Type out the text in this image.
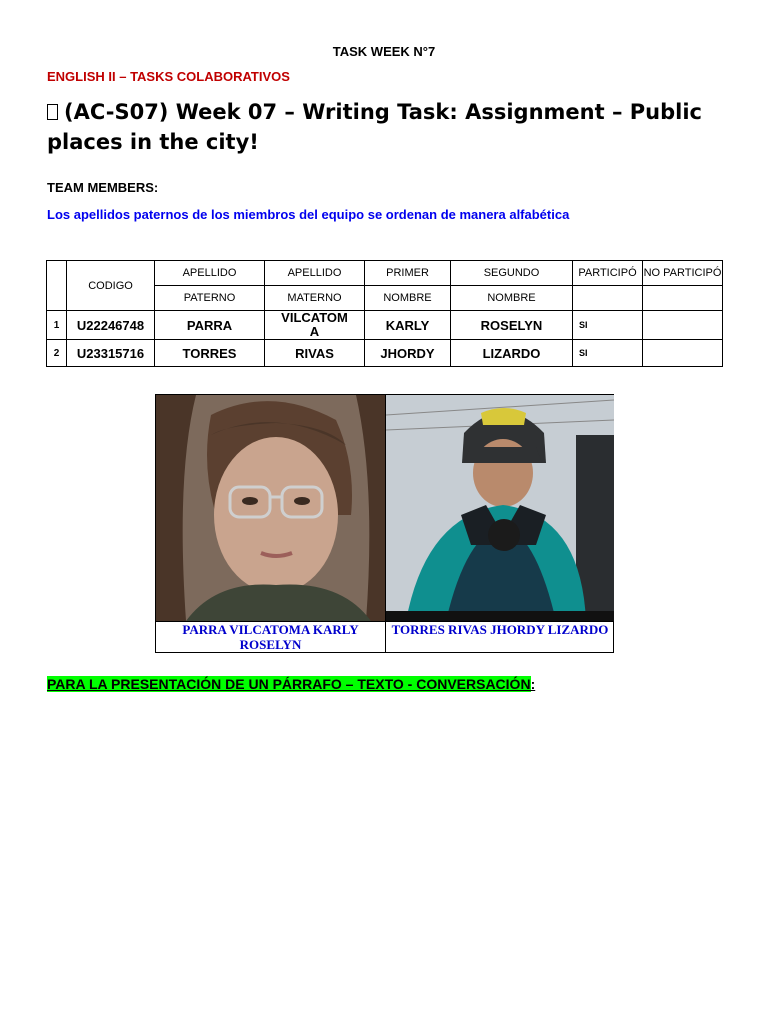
TASK WEEK N°7
ENGLISH II – TASKS COLABORATIVOS
(AC-S07) Week 07 – Writing Task: Assignment – Public places in the city!
TEAM MEMBERS:
Los apellidos paternos de los miembros del equipo se ordenan de manera alfabética
	CODIGO	APELLIDO	APELLIDO	PRIMER	SEGUNDO	PARTICIPÓ	NO PARTICIPÓ
		PATERNO	MATERNO	NOMBRE	NOMBRE		
1	U22246748	PARRA	VILCATOMA	KARLY	ROSELYN	SI	
2	U23315716	TORRES	RIVAS	JHORDY	LIZARDO	SI	
PARRA VILCATOMA KARLY ROSELYN
TORRES RIVAS JHORDY LIZARDO
PARA LA PRESENTACIÓN DE UN PÁRRAFO – TEXTO - CONVERSACIÓN:
